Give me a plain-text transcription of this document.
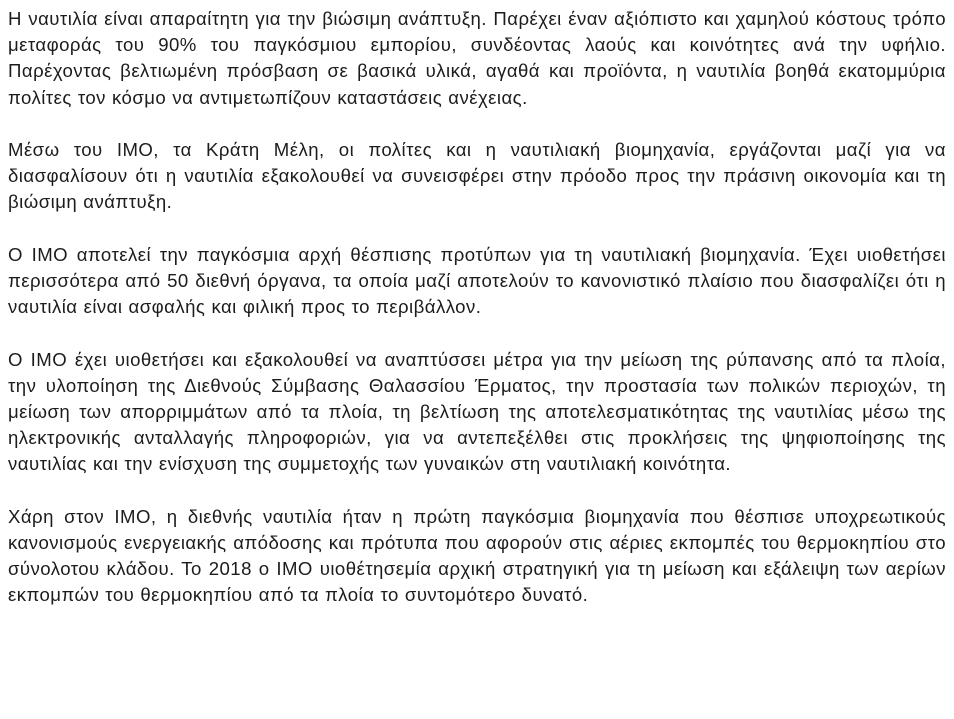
Η ναυτιλία είναι απαραίτητη για την βιώσιμη ανάπτυξη. Παρέχει έναν αξιόπιστο και χαμηλού κόστους τρόπο μεταφοράς του 90% του παγκόσμιου εμπορίου, συνδέοντας λαούς και κοινότητες ανά την υφήλιο. Παρέχοντας βελτιωμένη πρόσβαση σε βασικά υλικά, αγαθά και προϊόντα, η ναυτιλία βοηθά εκατομμύρια πολίτες τον κόσμο να αντιμετωπίζουν καταστάσεις ανέχειας.

Μέσω του ΙΜΟ, τα Κράτη Μέλη, οι πολίτες και η ναυτιλιακή βιομηχανία, εργάζονται μαζί για να διασφαλίσουν ότι η ναυτιλία εξακολουθεί να συνεισφέρει στην πρόοδο προς την πράσινη οικονομία και τη βιώσιμη ανάπτυξη.

Ο ΙΜΟ αποτελεί την παγκόσμια αρχή θέσπισης προτύπων για τη ναυτιλιακή βιομηχανία. Έχει υιοθετήσει περισσότερα από 50 διεθνή όργανα, τα οποία μαζί αποτελούν το κανονιστικό πλαίσιο που διασφαλίζει ότι η ναυτιλία είναι ασφαλής και φιλική προς το περιβάλλον.

Ο ΙΜΟ έχει υιοθετήσει και εξακολουθεί να αναπτύσσει μέτρα για την μείωση της ρύπανσης από τα πλοία, την υλοποίηση της Διεθνούς Σύμβασης Θαλασσίου Έρματος, την προστασία των πολικών περιοχών, τη μείωση των απορριμμάτων από τα πλοία, τη βελτίωση της αποτελεσματικότητας της ναυτιλίας μέσω της ηλεκτρονικής ανταλλαγής πληροφοριών, για να αντεπεξέλθει στις προκλήσεις της ψηφιοποίησης της ναυτιλίας και την ενίσχυση της συμμετοχής των γυναικών στη ναυτιλιακή κοινότητα.

Χάρη στον ΙΜΟ, η διεθνής ναυτιλία ήταν η πρώτη παγκόσμια βιομηχανία που θέσπισε υποχρεωτικούς κανονισμούς ενεργειακής απόδοσης και πρότυπα που αφορούν στις αέριες εκπομπές του θερμοκηπίου στο σύνολοτου κλάδου. Το 2018 ο ΙΜΟ υιοθέτησεμία αρχική στρατηγική για τη μείωση και εξάλειψη των αερίων εκπομπών του θερμοκηπίου από τα πλοία το συντομότερο δυνατό.
